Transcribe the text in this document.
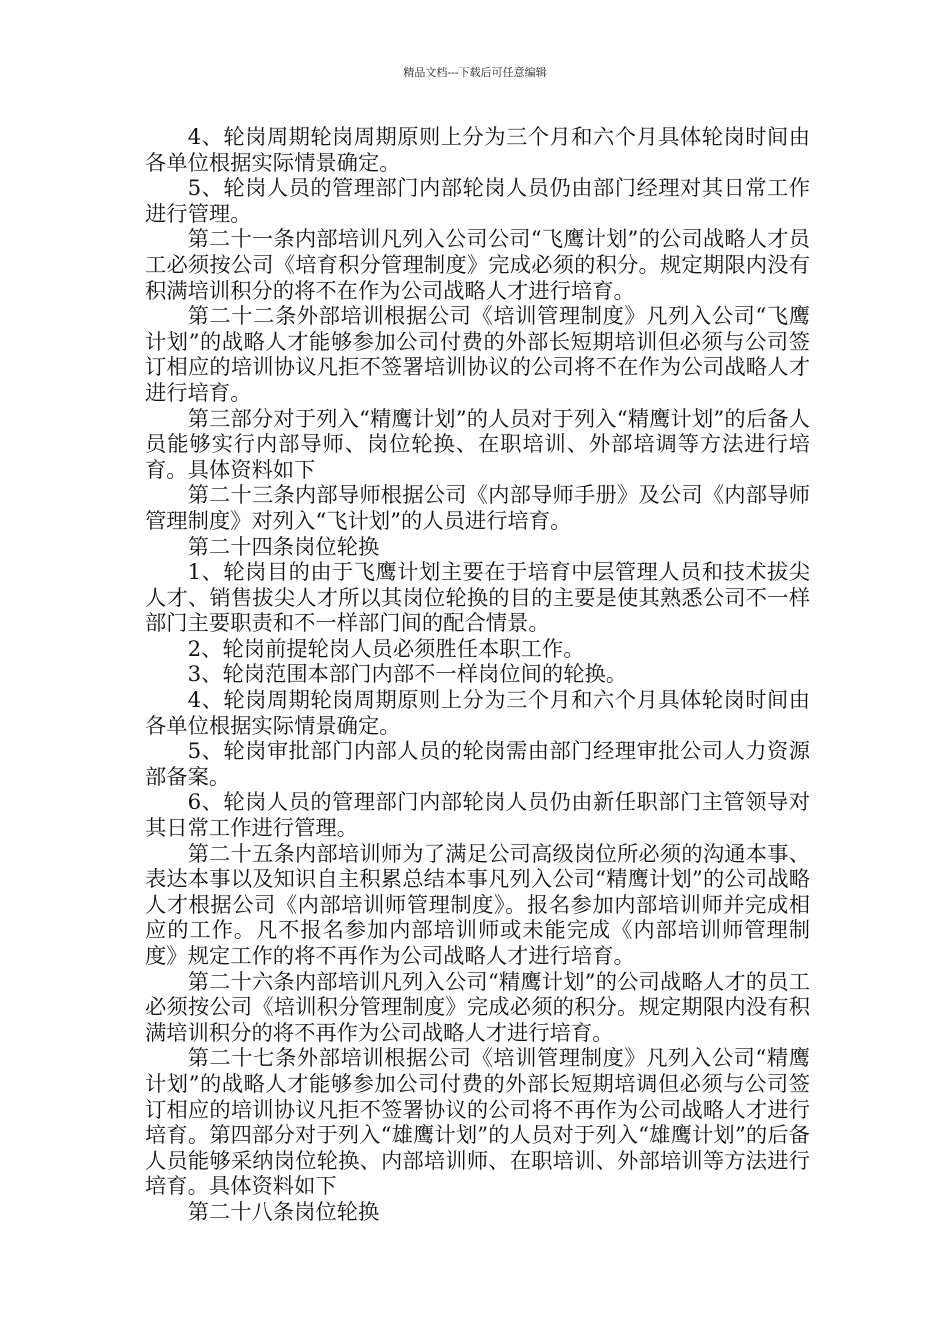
精品文档---下载后可任意编辑

4、轮岗周期轮岗周期原则上分为三个月和六个月具体轮岗时间由各单位根据实际情景确定。

5、轮岗人员的管理部门内部轮岗人员仍由部门经理对其日常工作进行管理。

第二十一条内部培训凡列入公司公司“飞鹰计划”的公司战略人才员工必须按公司《培育积分管理制度》完成必须的积分。规定期限内没有积满培训积分的将不在作为公司战略人才进行培育。

第二十二条外部培训根据公司《培训管理制度》凡列入公司“飞鹰计划”的战略人才能够参加公司付费的外部长短期培训但必须与公司签订相应的培训协议凡拒不签署培训协议的公司将不在作为公司战略人才进行培育。

第三部分对于列入“精鹰计划”的人员对于列入“精鹰计划”的后备人员能够实行内部导师、岗位轮换、在职培训、外部培调等方法进行培育。具体资料如下

第二十三条内部导师根据公司《内部导师手册》及公司《内部导师管理制度》对列入“飞计划”的人员进行培育。

第二十四条岗位轮换

1、轮岗目的由于飞鹰计划主要在于培育中层管理人员和技术拔尖人才、销售拔尖人才所以其岗位轮换的目的主要是使其熟悉公司不一样部门主要职责和不一样部门间的配合情景。

2、轮岗前提轮岗人员必须胜任本职工作。

3、轮岗范围本部门内部不一样岗位间的轮换。

4、轮岗周期轮岗周期原则上分为三个月和六个月具体轮岗时间由各单位根据实际情景确定。

5、轮岗审批部门内部人员的轮岗需由部门经理审批公司人力资源部备案。

6、轮岗人员的管理部门内部轮岗人员仍由新任职部门主管领导对其日常工作进行管理。

第二十五条内部培训师为了满足公司高级岗位所必须的沟通本事、表达本事以及知识自主积累总结本事凡列入公司“精鹰计划”的公司战略人才根据公司《内部培训师管理制度》。报名参加内部培训师并完成相应的工作。凡不报名参加内部培训师或未能完成《内部培训师管理制度》规定工作的将不再作为公司战略人才进行培育。

第二十六条内部培训凡列入公司“精鹰计划”的公司战略人才的员工必须按公司《培训积分管理制度》完成必须的积分。规定期限内没有积满培训积分的将不再作为公司战略人才进行培育。

第二十七条外部培训根据公司《培训管理制度》凡列入公司“精鹰计划”的战略人才能够参加公司付费的外部长短期培调但必须与公司签订相应的培训协议凡拒不签署协议的公司将不再作为公司战略人才进行培育。第四部分对于列入“雄鹰计划”的人员对于列入“雄鹰计划”的后备人员能够采纳岗位轮换、内部培训师、在职培训、外部培训等方法进行培育。具体资料如下

第二十八条岗位轮换
